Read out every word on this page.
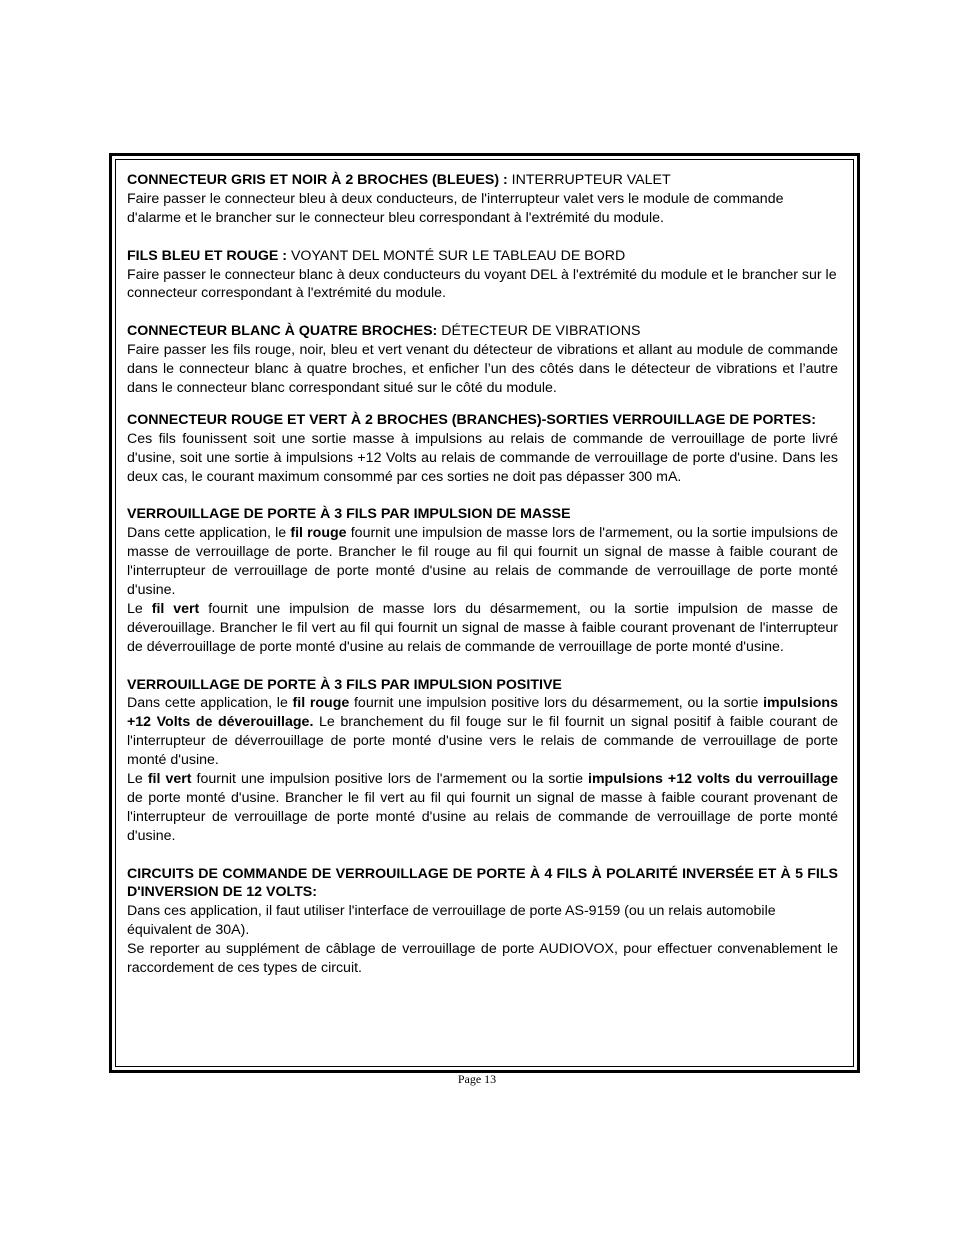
CONNECTEUR GRIS ET NOIR À 2 BROCHES (BLEUES) : INTERRUPTEUR VALET

Faire passer le connecteur bleu à deux conducteurs, de l'interrupteur valet vers le module de commande d'alarme et le brancher sur le connecteur bleu correspondant à l'extrémité du module.

FILS BLEU ET ROUGE : VOYANT DEL MONTÉ SUR LE TABLEAU DE BORD

Faire passer le connecteur blanc à deux conducteurs du voyant DEL à l'extrémité du module et le brancher sur le connecteur correspondant à l'extrémité du module.

CONNECTEUR BLANC À QUATRE BROCHES: DÉTECTEUR DE VIBRATIONS

Faire passer les fils rouge, noir, bleu et vert venant du détecteur de vibrations et allant au module de commande dans le connecteur blanc à quatre broches, et enficher l’un des côtés dans le détecteur de vibrations et l’autre dans le connecteur blanc correspondant situé sur le côté du module.

CONNECTEUR ROUGE ET VERT À 2 BROCHES (BRANCHES)-SORTIES VERROUILLAGE DE PORTES:

Ces fils founissent soit une sortie masse à impulsions au relais de commande de verrouillage de porte livré d'usine, soit une sortie à impulsions +12 Volts au relais de commande de verrouillage de porte d'usine. Dans les deux cas, le courant maximum consommé par ces sorties ne doit pas dépasser 300 mA.

VERROUILLAGE DE PORTE À 3 FILS PAR IMPULSION DE MASSE

Dans cette application, le fil rouge fournit une impulsion de masse lors de l'armement, ou la sortie impulsions de masse de verrouillage de porte. Brancher le fil rouge au fil qui fournit un signal de masse à faible courant de l'interrupteur de verrouillage de porte monté d'usine au relais de commande de verrouillage de porte monté d'usine.

Le fil vert fournit une impulsion de masse lors du désarmement, ou la sortie impulsion de masse de déverouillage. Brancher le fil vert au fil qui fournit un signal de masse à faible courant provenant de l'interrupteur de déverrouillage de porte monté d'usine au relais de commande de verrouillage de porte monté d'usine.

VERROUILLAGE DE PORTE À 3 FILS PAR IMPULSION POSITIVE

Dans cette application, le fil rouge fournit une impulsion positive lors du désarmement, ou la sortie impulsions +12 Volts de déverouillage. Le branchement du fil fouge sur le fil fournit un signal positif à faible courant de l'interrupteur de déverrouillage de porte monté d'usine vers le relais de commande de verrouillage de porte monté d'usine.

Le fil vert fournit une impulsion positive lors de l'armement ou la sortie impulsions +12 volts du verrouillage de porte monté d'usine. Brancher le fil vert au fil qui fournit un signal de masse à faible courant provenant de l'interrupteur de verrouillage de porte monté d'usine au relais de commande de verrouillage de porte monté d'usine.

CIRCUITS DE COMMANDE DE VERROUILLAGE DE PORTE À 4 FILS À POLARITÉ INVERSÉE ET À 5 FILS D'INVERSION DE 12 VOLTS:

Dans ces application, il faut utiliser l'interface de verrouillage de porte AS-9159 (ou un relais automobile équivalent de 30A).

Se reporter au supplément de câblage de verrouillage de porte AUDIOVOX, pour effectuer convenablement le raccordement de ces types de circuit.

Page 13
